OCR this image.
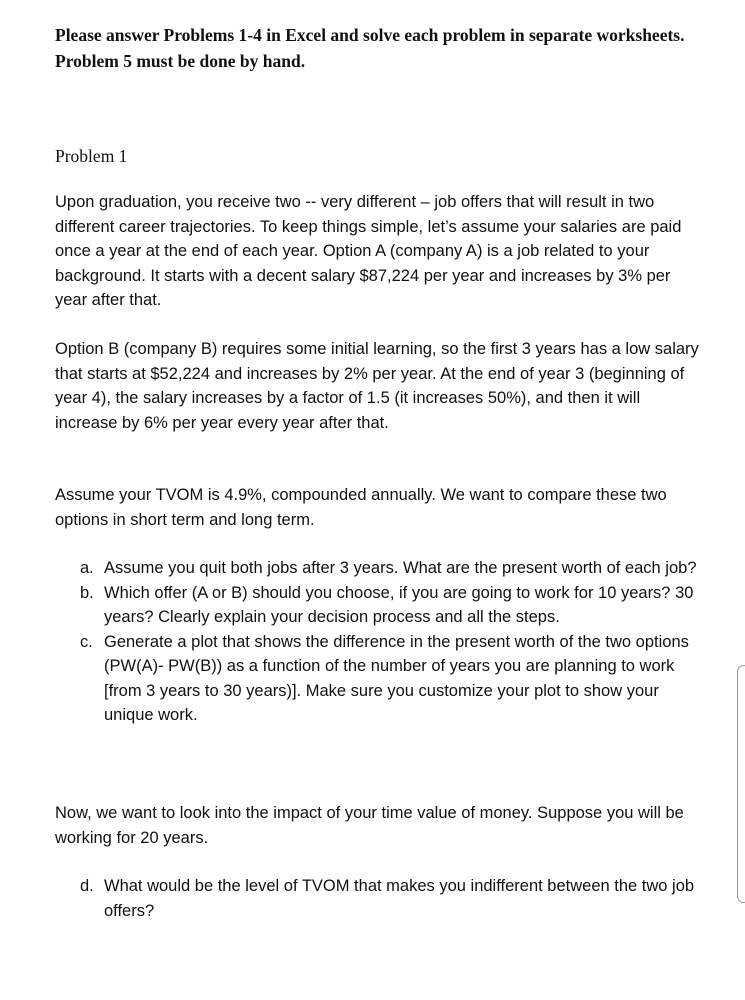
Please answer Problems 1-4 in Excel and solve each problem in separate worksheets. Problem 5 must be done by hand.
Problem 1

Upon graduation, you receive two -- very different – job offers that will result in two different career trajectories. To keep things simple, let’s assume your salaries are paid once a year at the end of each year. Option A (company A) is a job related to your background. It starts with a decent salary $87,224 per year and increases by 3% per year after that.

Option B (company B) requires some initial learning, so the first 3 years has a low salary that starts at $52,224 and increases by 2% per year. At the end of year 3 (beginning of year 4), the salary increases by a factor of 1.5 (it increases 50%), and then it will increase by 6% per year every year after that.

Assume your TVOM is 4.9%, compounded annually. We want to compare these two options in short term and long term.

a. Assume you quit both jobs after 3 years. What are the present worth of each job?
b. Which offer (A or B) should you choose, if you are going to work for 10 years? 30 years? Clearly explain your decision process and all the steps.
c. Generate a plot that shows the difference in the present worth of the two options (PW(A)- PW(B)) as a function of the number of years you are planning to work [from 3 years to 30 years)]. Make sure you customize your plot to show your unique work.

Now, we want to look into the impact of your time value of money. Suppose you will be working for 20 years.

d. What would be the level of TVOM that makes you indifferent between the two job offers?
